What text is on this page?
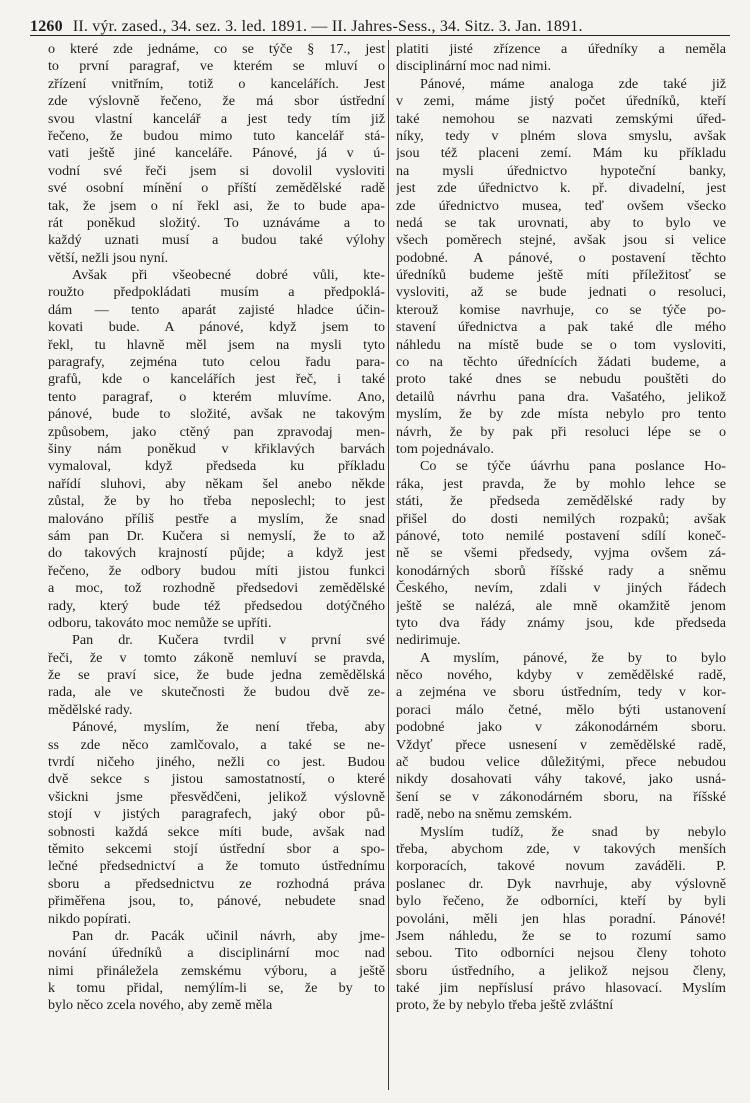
1260 II. výr. zased., 34. sez. 3. led. 1891. — II. Jahres-Sess., 34. Sitz. 3. Jan. 1891.
o které zde jednáme, co se týče § 17., jest
to první paragraf, ve kterém se mluví o
zřízení vnitřním, totiž o kancelářích. Jest
zde výslovně řečeno, že má sbor ústřední
svou vlastní kancelář a jest tedy tím již
řečeno, že budou mimo tuto kancelář stá-
vati ještě jiné kanceláře. Pánové, já v ú-
vodní své řeči jsem si dovolil vysloviti
své osobní mínění o příští zemědělské radě
tak, že jsem o ní řekl asi, že to bude apa-
rát poněkud složitý. To uznáváme a to
každý uznati musí a budou také výlohy
větší, nežli jsou nyní.
Avšak při všeobecné dobré vůli, kte-
roužto předpokládati musím a předpoklá-
dám — tento aparát zajisté hladce účin-
kovati bude. A pánové, když jsem to
řekl, tu hlavně měl jsem na mysli tyto
paragrafy, zejména tuto celou řadu para-
grafů, kde o kancelářích jest řeč, i také
tento paragraf, o kterém mluvíme. Ano,
pánové, bude to složité, avšak ne takovým
způsobem, jako ctěný pan zpravodaj men-
šiny nám poněkud v křiklavých barvách
vymaloval, když předseda ku příkladu
nařídí sluhovi, aby někam šel anebo někde
zůstal, že by ho třeba neposlechl; to jest
malováno příliš pestře a myslím, že snad
sám pan Dr. Kučera si nemyslí, že to až
do takových krajností půjde; a když jest
řečeno, že odbory budou míti jistou funkci
a moc, tož rozhodně předsedovi zemědělské
rady, který bude též předsedou dotýčného
odboru, takováto moc nemůže se upříti.
Pan dr. Kučera tvrdil v první své
řeči, že v tomto zákoně nemluví se pravda,
že se praví sice, že bude jedna zemědělská
rada, ale ve skutečnosti že budou dvě ze-
mědělské rady.
Pánové, myslím, že není třeba, aby
ss zde něco zamlčovalo, a také se ne-
tvrdí ničeho jiného, nežli co jest. Budou
dvě sekce s jistou samostatností, o které
všickni jsme přesvědčeni, jelikož výslovně
stojí v jistých paragrafech, jaký obor pů-
sobnosti každá sekce míti bude, avšak nad
těmito sekcemi stojí ústřední sbor a spo-
lečné předsednictví a že tomuto ústřednímu
sboru a předsednictvu ze rozhodná práva
přiměřena jsou, to, pánové, nebudete snad
nikdo popírati.
Pan dr. Pacák učinil návrh, aby jme-
nování úředníků a disciplinární moc nad
nimi přináležela zemskému výboru, a ještě
k tomu přidal, nemýlím-li se, že by to
bylo něco zcela nového, aby země měla
platiti jisté zřízence a úředníky a neměla
disciplinární moc nad nimi.
Pánové, máme analoga zde také již
v zemi, máme jistý počet úředníků, kteří
také nemohou se nazvati zemskými úřed-
níky, tedy v plném slova smyslu, avšak
jsou též placeni zemí. Mám ku příkladu
na mysli úřednictvo hypoteční banky,
jest zde úřednictvo k. př. divadelní, jest
zde úřednictvo musea, teď ovšem všecko
nedá se tak urovnati, aby to bylo ve
všech poměrech stejné, avšak jsou si velice
podobné. A pánové, o postavení těchto
úředníků budeme ještě míti příležitosť se
vysloviti, až se bude jednati o resoluci,
kterouž komise navrhuje, co se týče po-
stavení úřednictva a pak také dle mého
náhledu na místě bude se o tom vysloviti,
co na těchto úřednících žádati budeme, a
proto také dnes se nebudu pouštěti do
detailů návrhu pana dra. Vašatého, jelikož
myslím, že by zde místa nebylo pro tento
návrh, že by pak při resoluci lépe se o
tom pojednávalo.
Co se týče úávrhu pana poslance Ho-
ráka, jest pravda, že by mohlo lehce se
státi, že předseda zemědělské rady by
přišel do dosti nemilých rozpaků; avšak
pánové, toto nemilé postavení sdílí koneč-
ně se všemi předsedy, vyjma ovšem zá-
konodárných sborů říšské rady a sněmu
Českého, nevím, zdali v jiných řádech
ještě se nalézá, ale mně okamžitě jenom
tyto dva řády známy jsou, kde předseda
nedirimuje.
A myslím, pánové, že by to bylo
něco nového, kdyby v zemědělské radě,
a zejména ve sboru ústředním, tedy v kor-
poraci málo četné, mělo býti ustanovení
podobné jako v zákonodárném sboru.
Vždyť přece usnesení v zemědělské radě,
ač budou velice důležitými, přece nebudou
nikdy dosahovati váhy takové, jako usná-
šení se v zákonodárném sboru, na říšské
radě, nebo na sněmu zemském.
Myslím tudíž, že snad by nebylo
třeba, abychom zde, v takových menších
korporacích, takové novum zaváděli. P.
poslanec dr. Dyk navrhuje, aby výslovně
bylo řečeno, že odborníci, kteří by byli
povoláni, měli jen hlas poradní. Pánové!
Jsem náhledu, že se to rozumí samo
sebou. Tito odborníci nejsou členy tohoto
sboru ústředního, a jelikož nejsou členy,
také jim nepříslusí právo hlasovací. Myslím
proto, že by nebylo třeba ještě zvláštní
